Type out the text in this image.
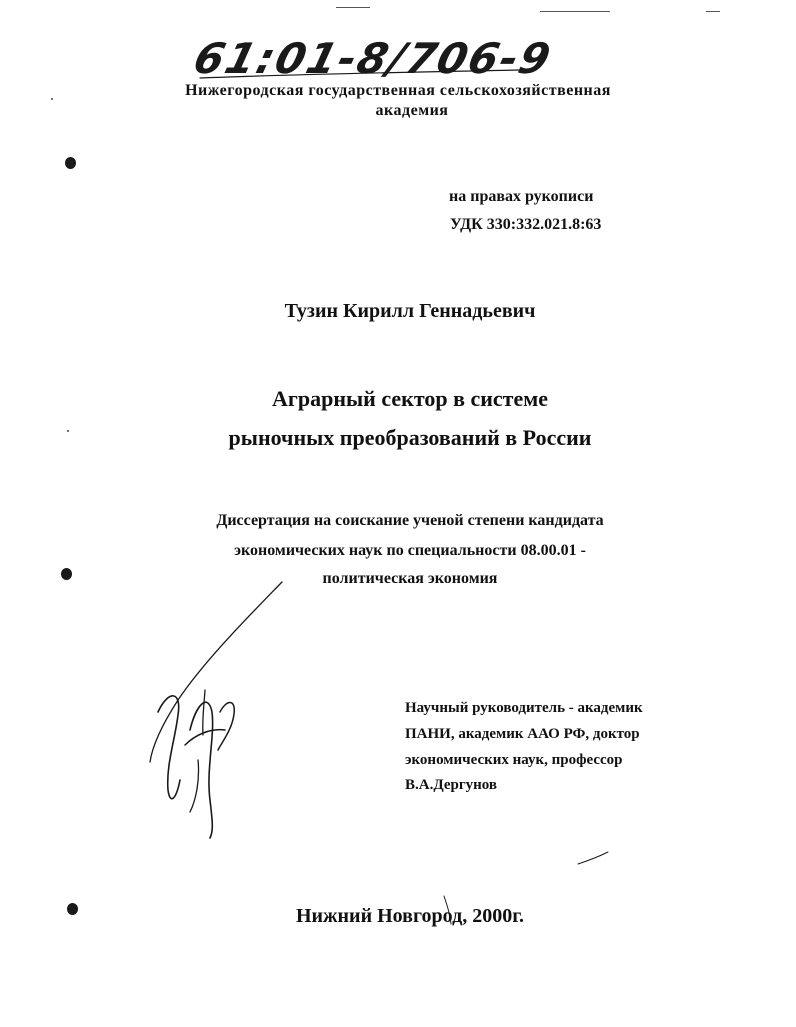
61:01-8/706-9
Нижегородская государственная сельскохозяйственная
академия
на правах рукописи
УДК 330:332.021.8:63
Тузин Кирилл Геннадьевич
Аграрный сектор в системе
рыночных преобразований в России
Диссертация на соискание ученой степени кандидата
экономических наук по специальности 08.00.01 -
политическая экономия
Научный руководитель - академик
ПАНИ, академик ААО РФ, доктор
экономических наук, профессор
В.А.Дергунов
Нижний Новгород, 2000г.
